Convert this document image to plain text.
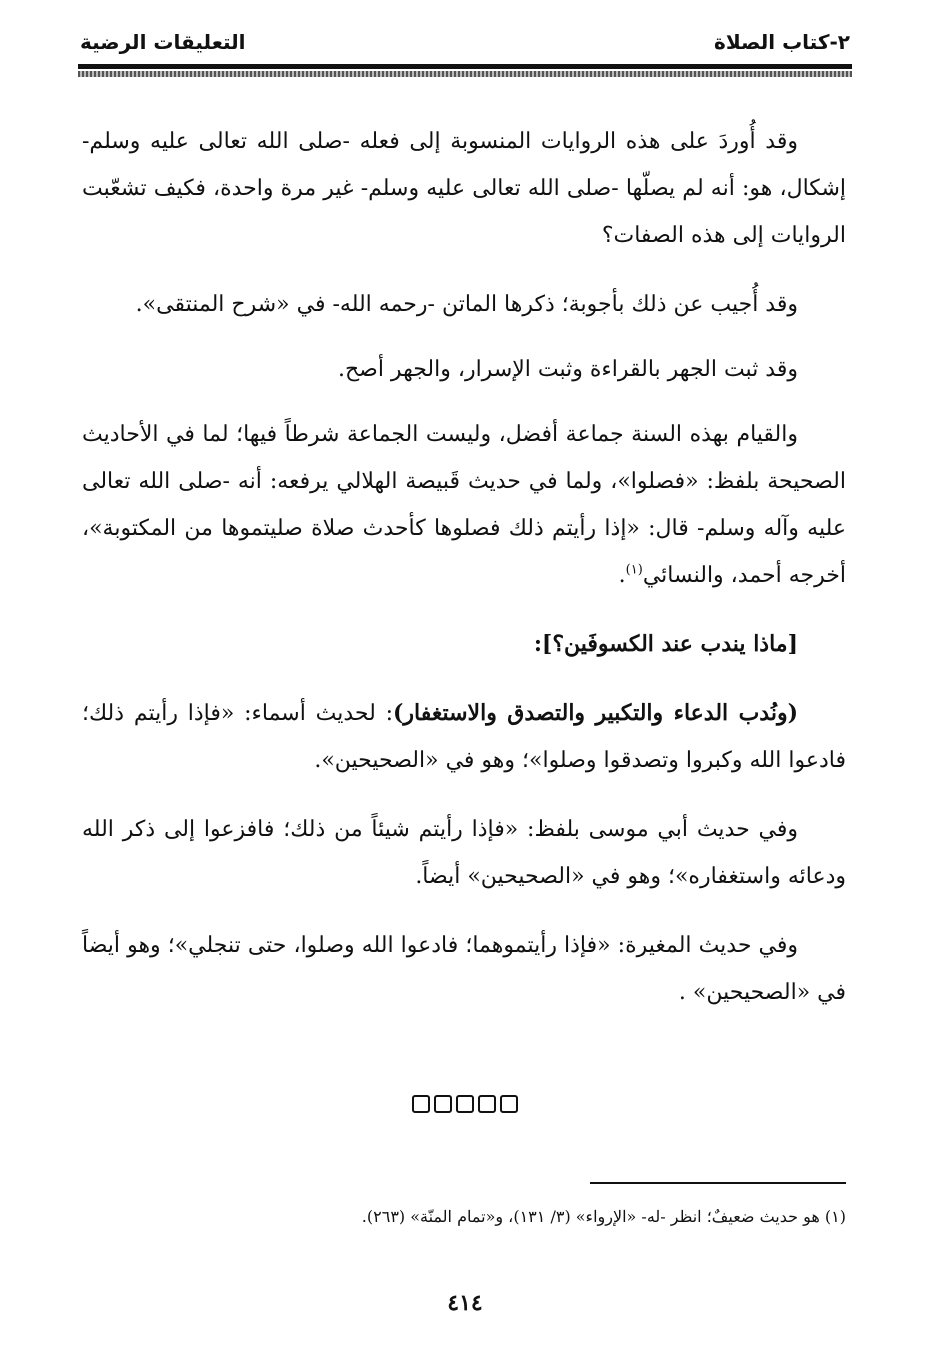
٢-كتاب الصلاة
التعليقات الرضية

وقد أُوردَ على هذه الروايات المنسوبة إلى فعله -صلى الله تعالى عليه وسلم- إشكال، هو: أنه لم يصلّها -صلى الله تعالى عليه وسلم- غير مرة واحدة، فكيف تشعّبت الروايات إلى هذه الصفات؟

وقد أُجيب عن ذلك بأجوبة؛ ذكرها الماتن -رحمه الله- في «شرح المنتقى».

وقد ثبت الجهر بالقراءة وثبت الإسرار، والجهر أصح.

والقيام بهذه السنة جماعة أفضل، وليست الجماعة شرطاً فيها؛ لما في الأحاديث الصحيحة بلفظ: «فصلوا»، ولما في حديث قَبيصة الهلالي يرفعه: أنه -صلى الله تعالى عليه وآله وسلم- قال: «إذا رأيتم ذلك فصلوها كأحدث صلاة صليتموها من المكتوبة»، أخرجه أحمد، والنسائي$^{(١)}$.

[ماذا يندب عند الكسوفَين؟]:

(ونُدب الدعاء والتكبير والتصدق والاستغفار): لحديث أسماء: «فإذا رأيتم ذلك؛ فادعوا الله وكبروا وتصدقوا وصلوا»؛ وهو في «الصحيحين».

وفي حديث أبي موسى بلفظ: «فإذا رأيتم شيئاً من ذلك؛ فافزعوا إلى ذكر الله ودعائه واستغفاره»؛ وهو في «الصحيحين» أيضاً.

وفي حديث المغيرة: «فإذا رأيتموهما؛ فادعوا الله وصلوا، حتى تنجلي»؛ وهو أيضاً في «الصحيحين» .

(١) هو حديث ضعيفٌ؛ انظر -له- «الإرواء» (٣/ ١٣١)، و«تمام المنّة» (٢٦٣).
٤١٤
